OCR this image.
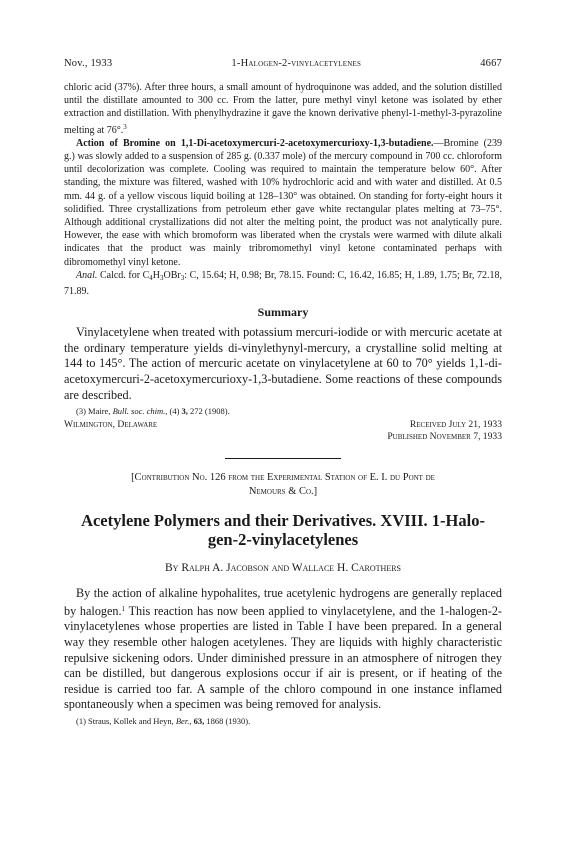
Nov., 1933	1-Halogen-2-vinylacetylenes	4667

chloric acid (37%). After three hours, a small amount of hydroquinone was added, and the solution distilled until the distillate amounted to 300 cc. From the latter, pure methyl vinyl ketone was isolated by ether extraction and distillation. With phenylhydrazine it gave the known derivative phenyl-1-methyl-3-pyrazoline melting at 76°.$^3$

Action of Bromine on 1,1-Di-acetoxymercuri-2-acetoxymercurioxy-1,3-butadiene.—Bromine (239 g.) was slowly added to a suspension of 285 g. (0.337 mole) of the mercury compound in 700 cc. chloroform until decolorization was complete. Cooling was required to maintain the temperature below 60°. After standing, the mixture was filtered, washed with 10% hydrochloric acid and with water and distilled. At 0.5 mm. 44 g. of a yellow viscous liquid boiling at 128–130° was obtained. On standing for forty-eight hours it solidified. Three crystallizations from petroleum ether gave white rectangular plates melting at 73–75°. Although additional crystallizations did not alter the melting point, the product was not analytically pure. However, the ease with which bromoform was liberated when the crystals were warmed with dilute alkali indicates that the product was mainly tribromomethyl vinyl ketone contaminated perhaps with dibromomethyl vinyl ketone.

Anal. Calcd. for $C_4H_3OBr_3$: C, 15.64; H, 0.98; Br, 78.15. Found: C, 16.42, 16.85; H, 1.89, 1.75; Br, 72.18, 71.89.

Summary

Vinylacetylene when treated with potassium mercuri-iodide or with mercuric acetate at the ordinary temperature yields di-vinylethynyl-mercury, a crystalline solid melting at 144 to 145°. The action of mercuric acetate on vinylacetylene at 60 to 70° yields 1,1-di-acetoxymercuri-2-acetoxymercurioxy-1,3-butadiene. Some reactions of these compounds are described.

(3) Maire, Bull. soc. chim., (4) 3, 272 (1908).
Wilmington, Delaware	Received July 21, 1933
Published November 7, 1933
[Contribution No. 126 from the Experimental Station of E. I. du Pont de
Nemours & Co.]
Acetylene Polymers and their Derivatives. XVIII. 1-Halo-
gen-2-vinylacetylenes
By Ralph A. Jacobson and Wallace H. Carothers

By the action of alkaline hypohalites, true acetylenic hydrogens are generally replaced by halogen.$^1$ This reaction has now been applied to vinylacetylene, and the 1-halogen-2-vinylacetylenes whose properties are listed in Table I have been prepared. In a general way they resemble other halogen acetylenes. They are liquids with highly characteristic repulsive sickening odors. Under diminished pressure in an atmosphere of nitrogen they can be distilled, but dangerous explosions occur if air is present, or if heating of the residue is carried too far. A sample of the chloro compound in one instance inflamed spontaneously when a specimen was being removed for analysis.

(1) Straus, Kollek and Heyn, Ber., 63, 1868 (1930).
